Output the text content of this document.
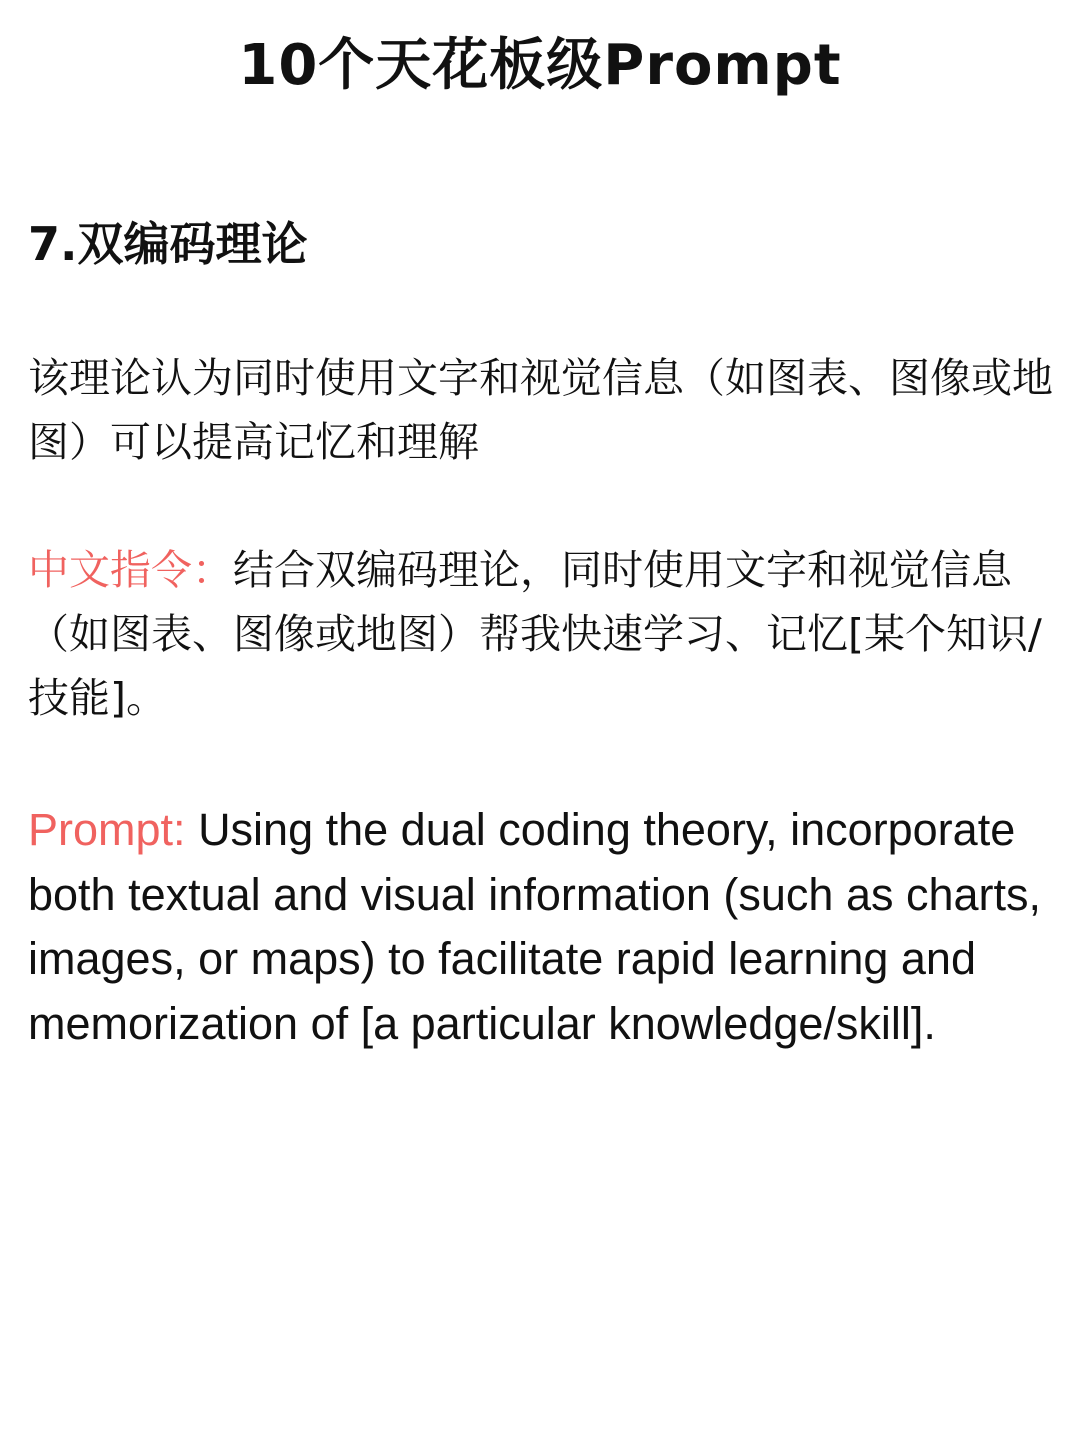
10个天花板级Prompt
7.双编码理论
该理论认为同时使用文字和视觉信息（如图表、图像或地图）可以提高记忆和理解
中文指令：结合双编码理论，同时使用文字和视觉信息（如图表、图像或地图）帮我快速学习、记忆[某个知识/技能]。
Prompt: Using the dual coding theory, incorporate both textual and visual information (such as charts, images, or maps) to facilitate rapid learning and memorization of [a particular knowledge/skill].
